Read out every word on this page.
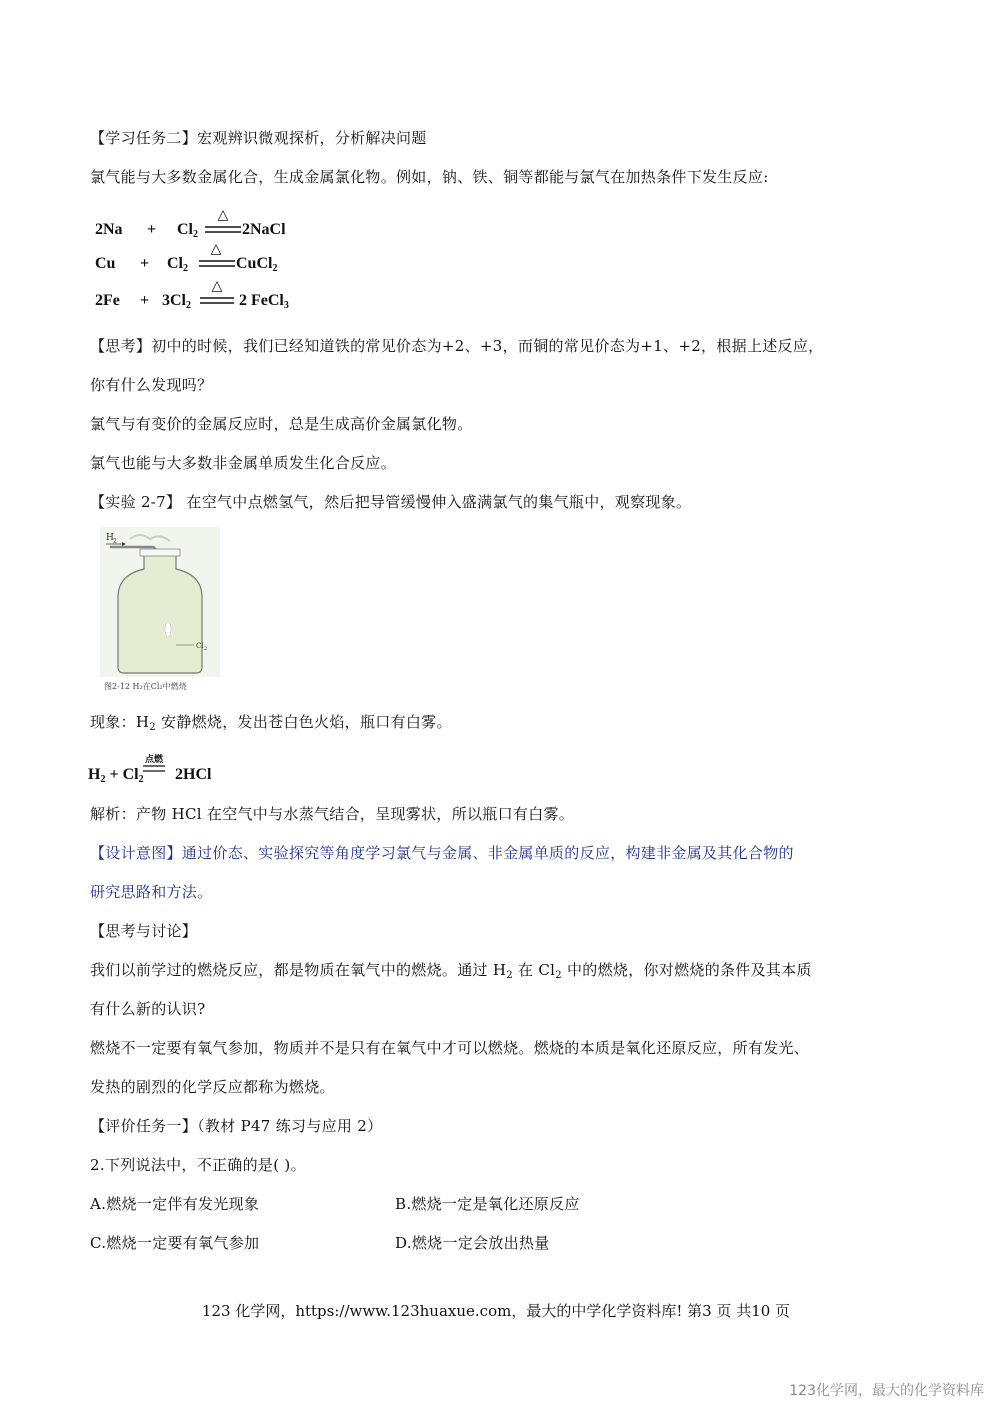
【学习任务二】宏观辨识微观探析，分析解决问题
氯气能与大多数金属化合，生成金属氯化物。例如，钠、铁、铜等都能与氯气在加热条件下发生反应:
$2Na + Cl_2$
△
2NaCl
$Cu + Cl_2$
△
CuCl$_2$
$2Fe + 3Cl_2$
△
2 FeCl$_3$
【思考】初中的时候，我们已经知道铁的常见价态为+2、+3，而铜的常见价态为+1、+2，根据上述反应，
你有什么发现吗？
氯气与有变价的金属反应时，总是生成高价金属氯化物。
氯气也能与大多数非金属单质发生化合反应。
【实验 2-7】 在空气中点燃氢气，然后把导管缓慢伸入盛满氯气的集气瓶中，观察现象。
H 2
Cl 2
图2-12 H₂在Cl₂中燃烧
现象：$H_2$ 安静燃烧，发出苍白色火焰，瓶口有白雾。
$H_2 + Cl_2$
点燃
2HCl
解析：产物 HCl 在空气中与水蒸气结合，呈现雾状，所以瓶口有白雾。
【设计意图】通过价态、实验探究等角度学习氯气与金属、非金属单质的反应，构建非金属及其化合物的
研究思路和方法。
【思考与讨论】
我们以前学过的燃烧反应，都是物质在氧气中的燃烧。通过 $H_2$ 在 $Cl_2$ 中的燃烧，你对燃烧的条件及其本质
有什么新的认识?
燃烧不一定要有氧气参加，物质并不是只有在氧气中才可以燃烧。燃烧的本质是氧化还原反应，所有发光、
发热的剧烈的化学反应都称为燃烧。
【评价任务一】（教材 P47 练习与应用 2）
2.下列说法中，不正确的是( )。
A.燃烧一定伴有发光现象	B.燃烧一定是氧化还原反应
C.燃烧一定要有氧气参加	D.燃烧一定会放出热量
123 化学网，https://www.123huaxue.com，最大的中学化学资料库! 第3 页 共10 页
123化学网，最大的化学资料库
